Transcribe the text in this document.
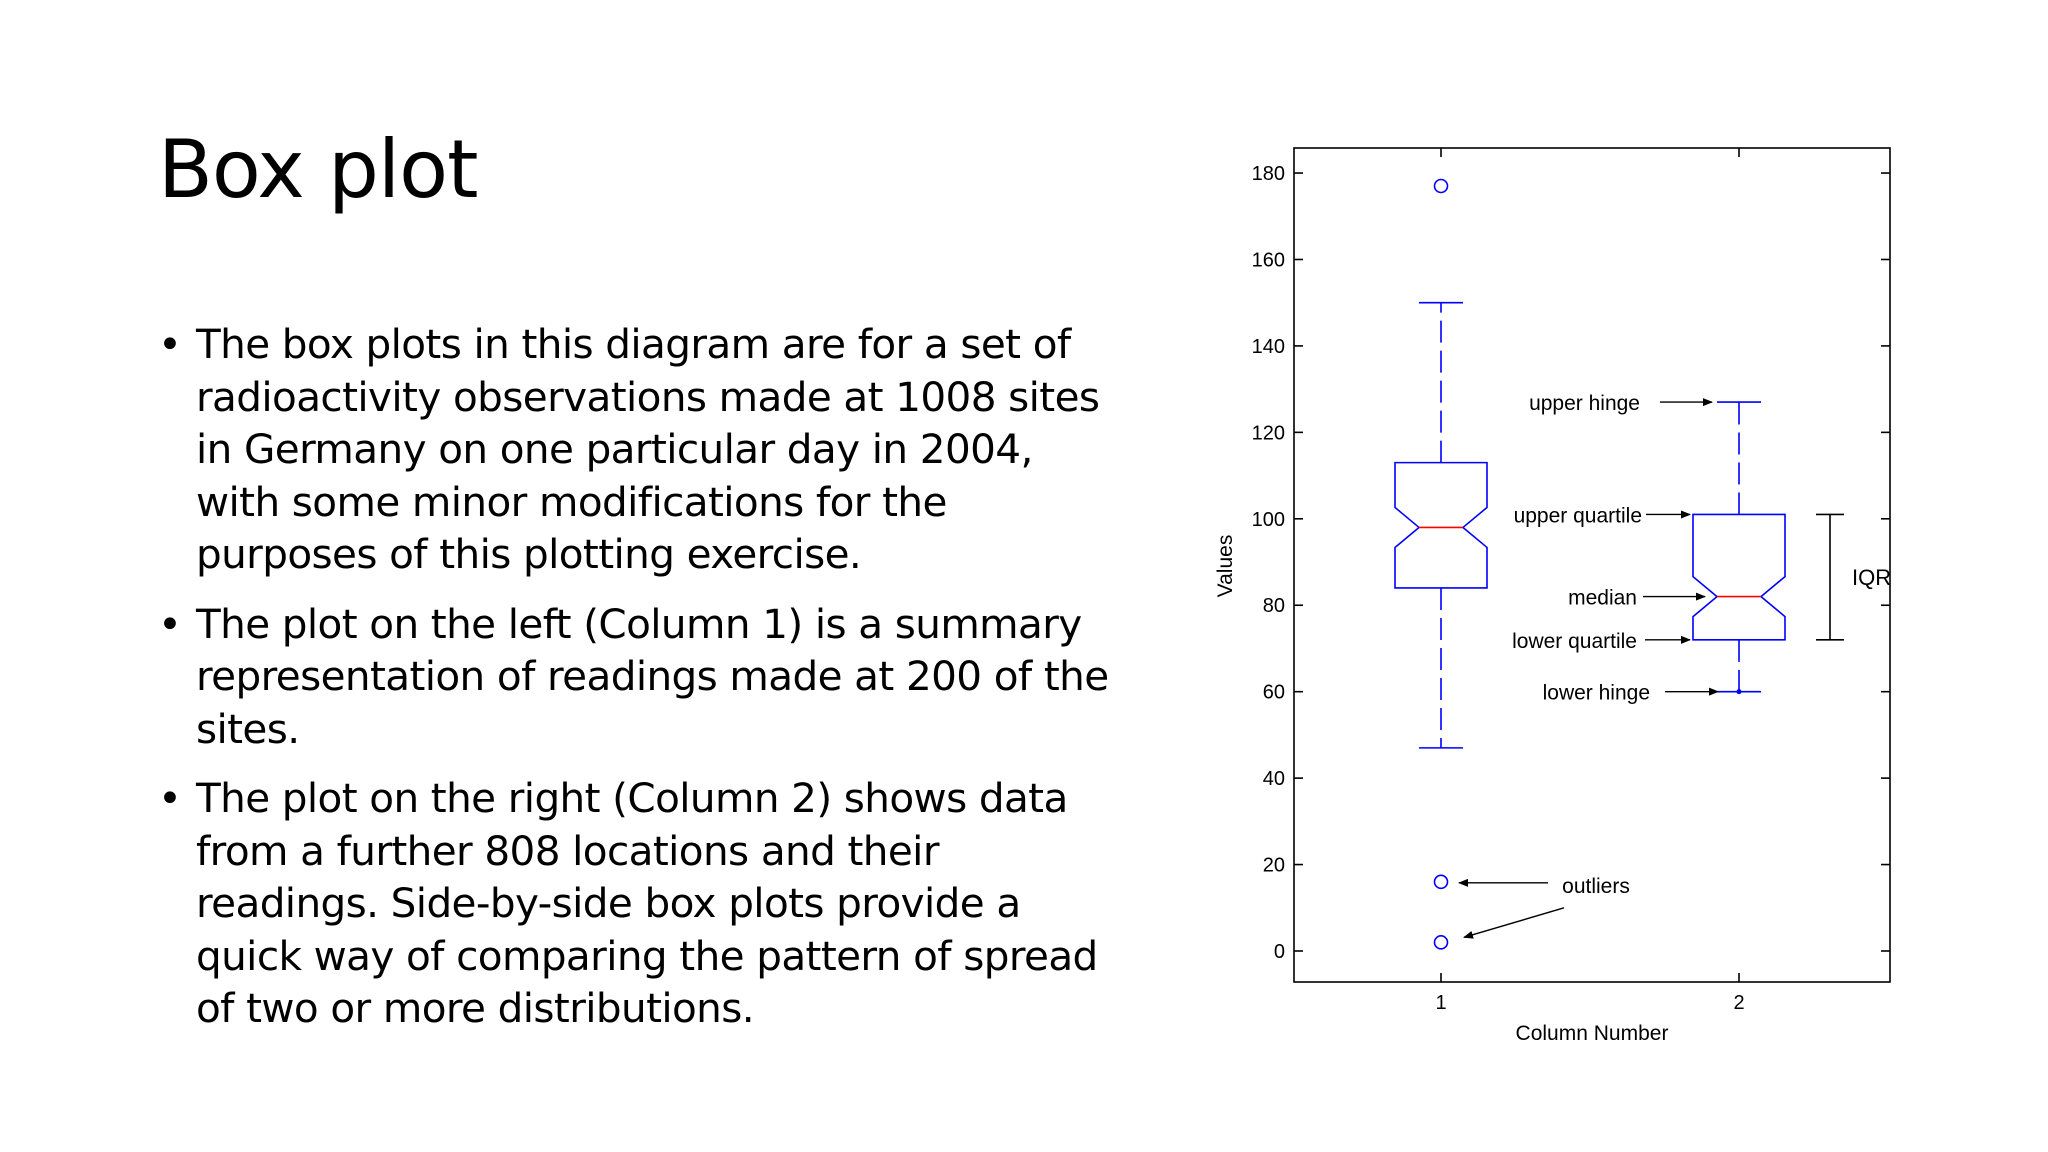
Box plot
• The box plots in this diagram are for a set of radioactivity observations made at 1008 sites in Germany on one particular day in 2004, with some minor modifications for the purposes of this plotting exercise.
• The plot on the left (Column 1) is a summary representation of readings made at 200 of the sites.
• The plot on the right (Column 2) shows data from a further 808 locations and their readings. Side-by-side box plots provide a quick way of comparing the pattern of spread of two or more distributions.
0
20
40
60
80
100
120
140
160
180
1	2
Column Number
Values
upper hinge
upper quartile
median
lower quartile
lower hinge
IQR
outliers
